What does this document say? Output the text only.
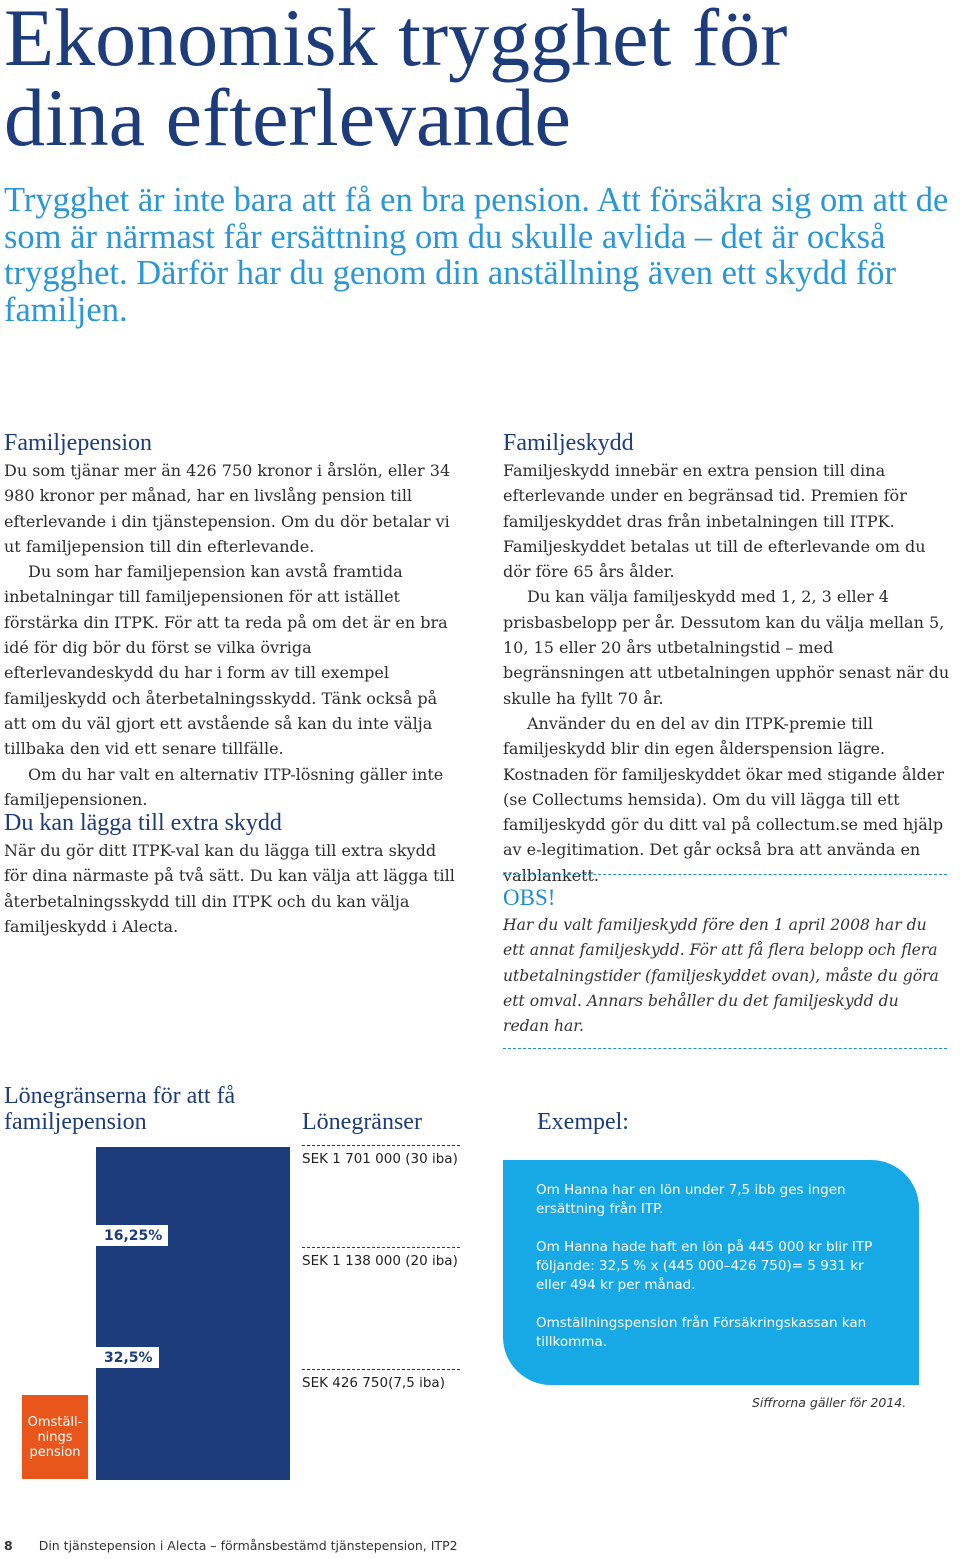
Ekonomisk trygghet för dina efterlevande

Trygghet är inte bara att få en bra pension. Att försäkra sig om att de som är närmast får ersättning om du skulle avlida – det är också trygghet. Därför har du genom din anställning även ett skydd för familjen.

Familjepension

Du som tjänar mer än 426 750 kronor i årslön, eller 34 980 kronor per månad, har en livslång pension till efterlevande i din tjänstepension. Om du dör betalar vi ut familjepension till din efterlevande.

Du som har familjepension kan avstå framtida inbetalningar till familjepensionen för att istället förstärka din ITPK. För att ta reda på om det är en bra idé för dig bör du först se vilka övriga efterlevandeskydd du har i form av till exempel familjeskydd och återbetalningsskydd. Tänk också på att om du väl gjort ett avstående så kan du inte välja tillbaka den vid ett senare tillfälle.

Om du har valt en alternativ ITP-lösning gäller inte familjepensionen.

Du kan lägga till extra skydd

När du gör ditt ITPK-val kan du lägga till extra skydd för dina närmaste på två sätt. Du kan välja att lägga till återbetalningsskydd till din ITPK och du kan välja familjeskydd i Alecta.

Familjeskydd

Familjeskydd innebär en extra pension till dina efterlevande under en begränsad tid. Premien för familjeskyddet dras från inbetalningen till ITPK. Familjeskyddet betalas ut till de efterlevande om du dör före 65 års ålder.

Du kan välja familjeskydd med 1, 2, 3 eller 4 prisbasbelopp per år. Dessutom kan du välja mellan 5, 10, 15 eller 20 års utbetalningstid – med begränsningen att utbetalningen upphör senast när du skulle ha fyllt 70 år.

Använder du en del av din ITPK-premie till familjeskydd blir din egen ålderspension lägre. Kostnaden för familjeskyddet ökar med stigande ålder (se Collectums hemsida). Om du vill lägga till ett familjeskydd gör du ditt val på collectum.se med hjälp av e-legitimation. Det går också bra att använda en valblankett.

OBS!

Har du valt familjeskydd före den 1 april 2008 har du ett annat familjeskydd. För att få flera belopp och flera utbetalningstider (familjeskyddet ovan), måste du göra ett omval. Annars behåller du det familjeskydd du redan har.

Lönegränserna för att få familjepension	Lönegränser	Exempel:
16,25%
32,5%
Omställ-nings pension
SEK 1 701 000 (30 iba)
SEK 1 138 000 (20 iba)
SEK 426 750(7,5 iba)

Om Hanna har en lön under 7,5 ibb ges ingen ersättning från ITP.

Om Hanna hade haft en lön på 445 000 kr blir ITP följande: 32,5 % x (445 000–426 750)= 5 931 kr eller 494 kr per månad.

Omställningspension från Försäkringskassan kan tillkomma.

Siffrorna gäller för 2014.
8 Din tjänstepension i Alecta – förmånsbestämd tjänstepension, ITP2
